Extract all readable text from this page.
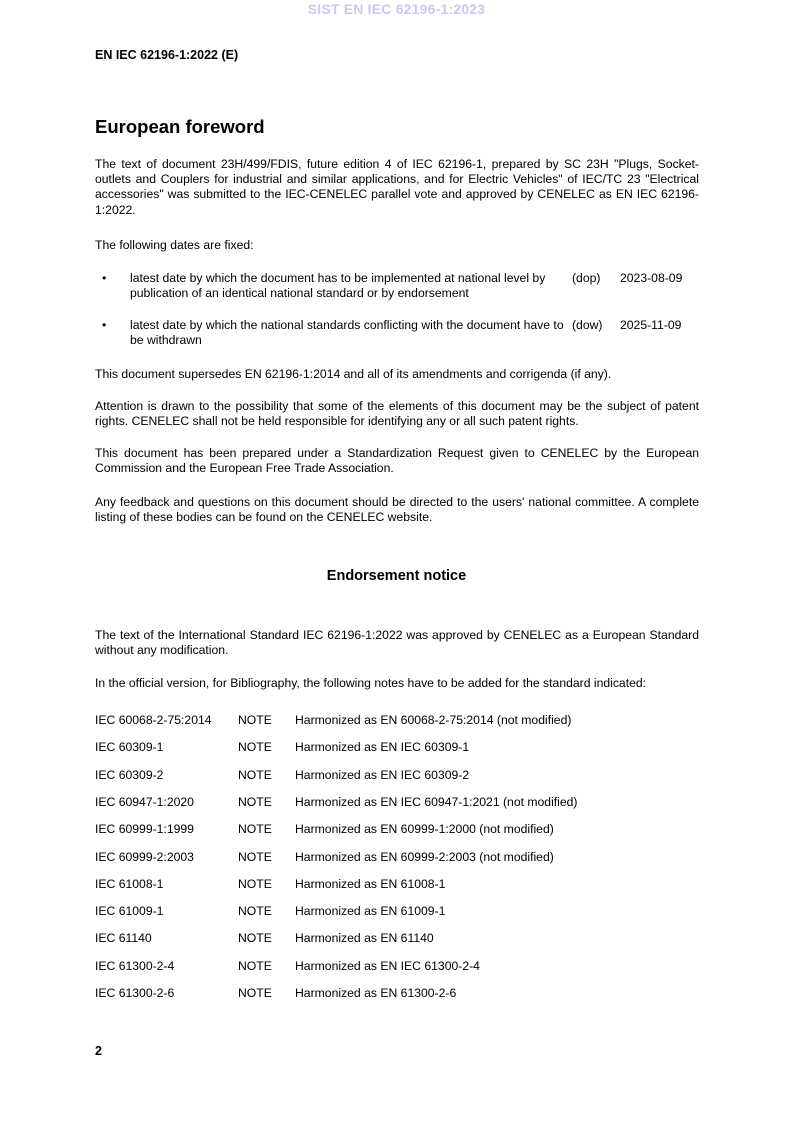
SIST EN IEC 62196-1:2023
EN IEC 62196-1:2022 (E)
European foreword

The text of document 23H/499/FDIS, future edition 4 of IEC 62196-1, prepared by SC 23H "Plugs, Socket-outlets and Couplers for industrial and similar applications, and for Electric Vehicles" of IEC/TC 23 "Electrical accessories" was submitted to the IEC-CENELEC parallel vote and approved by CENELEC as EN IEC 62196-1:2022.

The following dates are fixed:

• latest date by which the document has to be implemented at national level by publication of an identical national standard or by endorsement
(dop) 2023-08-09
• latest date by which the national standards conflicting with the document have to be withdrawn
(dow) 2025-11-09

This document supersedes EN 62196-1:2014 and all of its amendments and corrigenda (if any).

Attention is drawn to the possibility that some of the elements of this document may be the subject of patent rights. CENELEC shall not be held responsible for identifying any or all such patent rights.

This document has been prepared under a Standardization Request given to CENELEC by the European Commission and the European Free Trade Association.

Any feedback and questions on this document should be directed to the users' national committee. A complete listing of these bodies can be found on the CENELEC website.

Endorsement notice

The text of the International Standard IEC 62196-1:2022 was approved by CENELEC as a European Standard without any modification.

In the official version, for Bibliography, the following notes have to be added for the standard indicated:

IEC 60068-2-75:2014 NOTE Harmonized as EN 60068-2-75:2014 (not modified)
IEC 60309-1	NOTE Harmonized as EN IEC 60309-1
IEC 60309-2	NOTE Harmonized as EN IEC 60309-2
IEC 60947-1:2020	NOTE Harmonized as EN IEC 60947-1:2021 (not modified)
IEC 60999-1:1999	NOTE Harmonized as EN 60999-1:2000 (not modified)
IEC 60999-2:2003	NOTE Harmonized as EN 60999-2:2003 (not modified)
IEC 61008-1	NOTE Harmonized as EN 61008-1
IEC 61009-1	NOTE Harmonized as EN 61009-1
IEC 61140	NOTE Harmonized as EN 61140
IEC 61300-2-4	NOTE Harmonized as EN IEC 61300-2-4
IEC 61300-2-6	NOTE Harmonized as EN 61300-2-6
2
